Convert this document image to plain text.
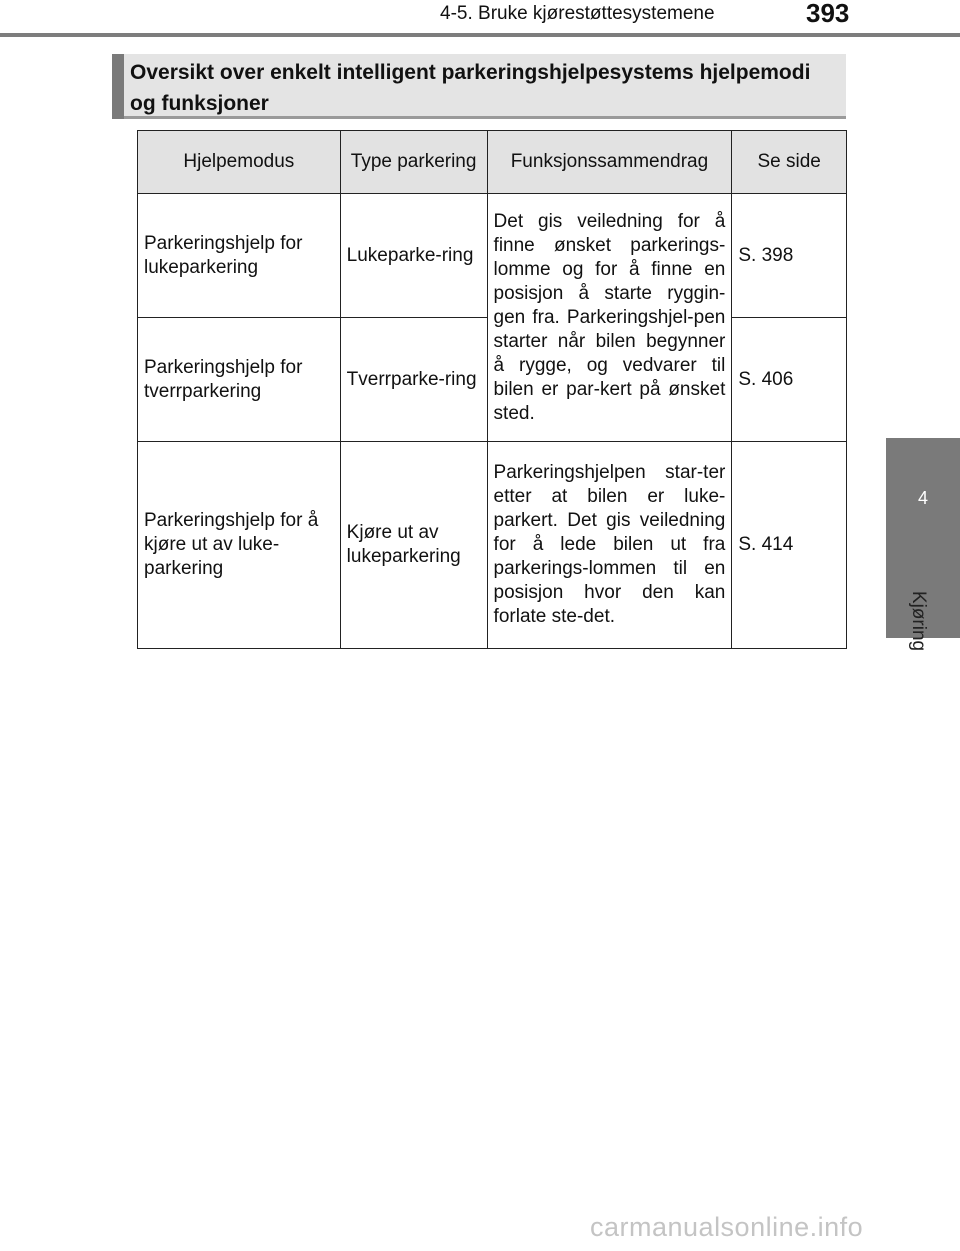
4-5. Bruke kjørestøttesystemene	393
4
Kjøring
Oversikt over enkelt intelligent parkeringshjelpesystems hjelpemodi og funksjoner
Hjelpemodus	Type parkering	Funksjonssammendrag	Se side
Parkeringshjelp for lukeparkering	Lukeparke-ring	Det gis veiledning for å finne ønsket parkerings-lomme og for å finne en posisjon å starte ryggin-gen fra. Parkeringshjel-pen starter når bilen begynner å rygge, og vedvarer til bilen er par-kert på ønsket sted.	S. 398
Parkeringshjelp for tverrparkering	Tverrparke-ring		S. 406
Parkeringshjelp for å kjøre ut av luke-parkering	Kjøre ut av lukeparkering	Parkeringshjelpen star-ter etter at bilen er luke-parkert. Det gis veiledning for å lede bilen ut fra parkerings-lommen til en posisjon hvor den kan forlate ste-det.	S. 414
carmanualsonline.info
